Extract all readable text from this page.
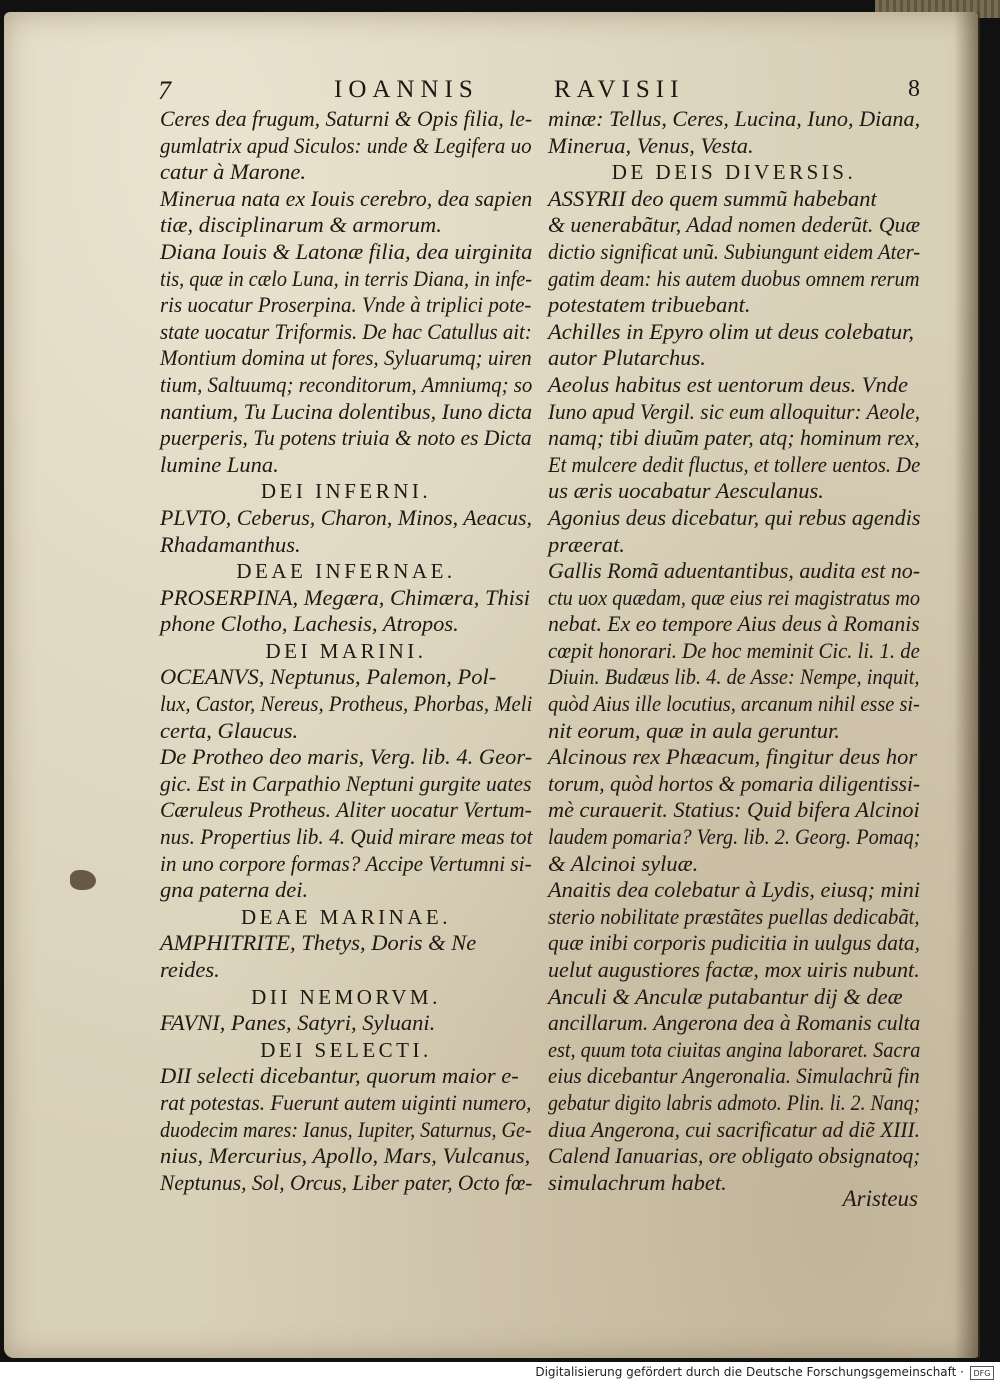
7	IOANNIS	RAVISII	8
Ceres dea frugum, Saturni & Opis filia, le-
gumlatrix apud Siculos: unde & Legifera uo
catur à Marone.
Minerua nata ex Iouis cerebro, dea sapien
tiæ, disciplinarum & armorum.
Diana Iouis & Latonæ filia, dea uirginita
tis, quæ in cælo Luna, in terris Diana, in infe-
ris uocatur Proserpina. Vnde à triplici pote-
state uocatur Triformis. De hac Catullus ait:
Montium domina ut fores, Syluarumq; uiren
tium, Saltuumq; reconditorum, Amniumq; so
nantium, Tu Lucina dolentibus, Iuno dicta
puerperis, Tu potens triuia & noto es Dicta
lumine Luna.
DEI INFERNI.
PLVTO, Ceberus, Charon, Minos, Aeacus,
Rhadamanthus.
DEAE INFERNAE.
PROSERPINA, Megæra, Chimæra, Thisi
phone Clotho, Lachesis, Atropos.
DEI MARINI.
OCEANVS, Neptunus, Palemon, Pol-
lux, Castor, Nereus, Protheus, Phorbas, Meli
certa, Glaucus.
De Protheo deo maris, Verg. lib. 4. Geor-
gic. Est in Carpathio Neptuni gurgite uates
Cæruleus Protheus. Aliter uocatur Vertum-
nus. Propertius lib. 4. Quid mirare meas tot
in uno corpore formas? Accipe Vertumni si-
gna paterna dei.
DEAE MARINAE.
AMPHITRITE, Thetys, Doris & Ne
reides.
DII NEMORVM.
FAVNI, Panes, Satyri, Syluani.
DEI SELECTI.
DII selecti dicebantur, quorum maior e-
rat potestas. Fuerunt autem uiginti numero,
duodecim mares: Ianus, Iupiter, Saturnus, Ge-
nius, Mercurius, Apollo, Mars, Vulcanus,
Neptunus, Sol, Orcus, Liber pater, Octo fœ-
minæ: Tellus, Ceres, Lucina, Iuno, Diana,
Minerua, Venus, Vesta.
DE DEIS DIVERSIS.
ASSYRII deo quem summũ habebant
& uenerabãtur, Adad nomen dederũt. Quæ
dictio significat unũ. Subiungunt eidem Ater-
gatim deam: his autem duobus omnem rerum
potestatem tribuebant.
Achilles in Epyro olim ut deus colebatur,
autor Plutarchus.
Aeolus habitus est uentorum deus. Vnde
Iuno apud Vergil. sic eum alloquitur: Aeole,
namq; tibi diuũm pater, atq; hominum rex,
Et mulcere dedit fluctus, et tollere uentos. De
us æris uocabatur Aesculanus.
Agonius deus dicebatur, qui rebus agendis
præerat.
Gallis Romã aduentantibus, audita est no-
ctu uox quædam, quæ eius rei magistratus mo
nebat. Ex eo tempore Aius deus à Romanis
cœpit honorari. De hoc meminit Cic. li. 1. de
Diuin. Budæus lib. 4. de Asse: Nempe, inquit,
quòd Aius ille locutius, arcanum nihil esse si-
nit eorum, quæ in aula geruntur.
Alcinous rex Phæacum, fingitur deus hor
torum, quòd hortos & pomaria diligentissi-
mè curauerit. Statius: Quid bifera Alcinoi
laudem pomaria? Verg. lib. 2. Georg. Pomaq;
& Alcinoi syluæ.
Anaitis dea colebatur à Lydis, eiusq; mini
sterio nobilitate præstãtes puellas dedicabãt,
quæ inibi corporis pudicitia in uulgus data,
uelut augustiores factæ, mox uiris nubunt.
Anculi & Anculæ putabantur dij & deæ
ancillarum. Angerona dea à Romanis culta
est, quum tota ciuitas angina laboraret. Sacra
eius dicebantur Angeronalia. Simulachrũ fin
gebatur digito labris admoto. Plin. li. 2. Nanq;
diua Angerona, cui sacrificatur ad diẽ XIII.
Calend Ianuarias, ore obligato obsignatoq;
simulachrum habet.
Aristeus
Digitalisierung gefördert durch die Deutsche Forschungsgemeinschaft ·	DFG
